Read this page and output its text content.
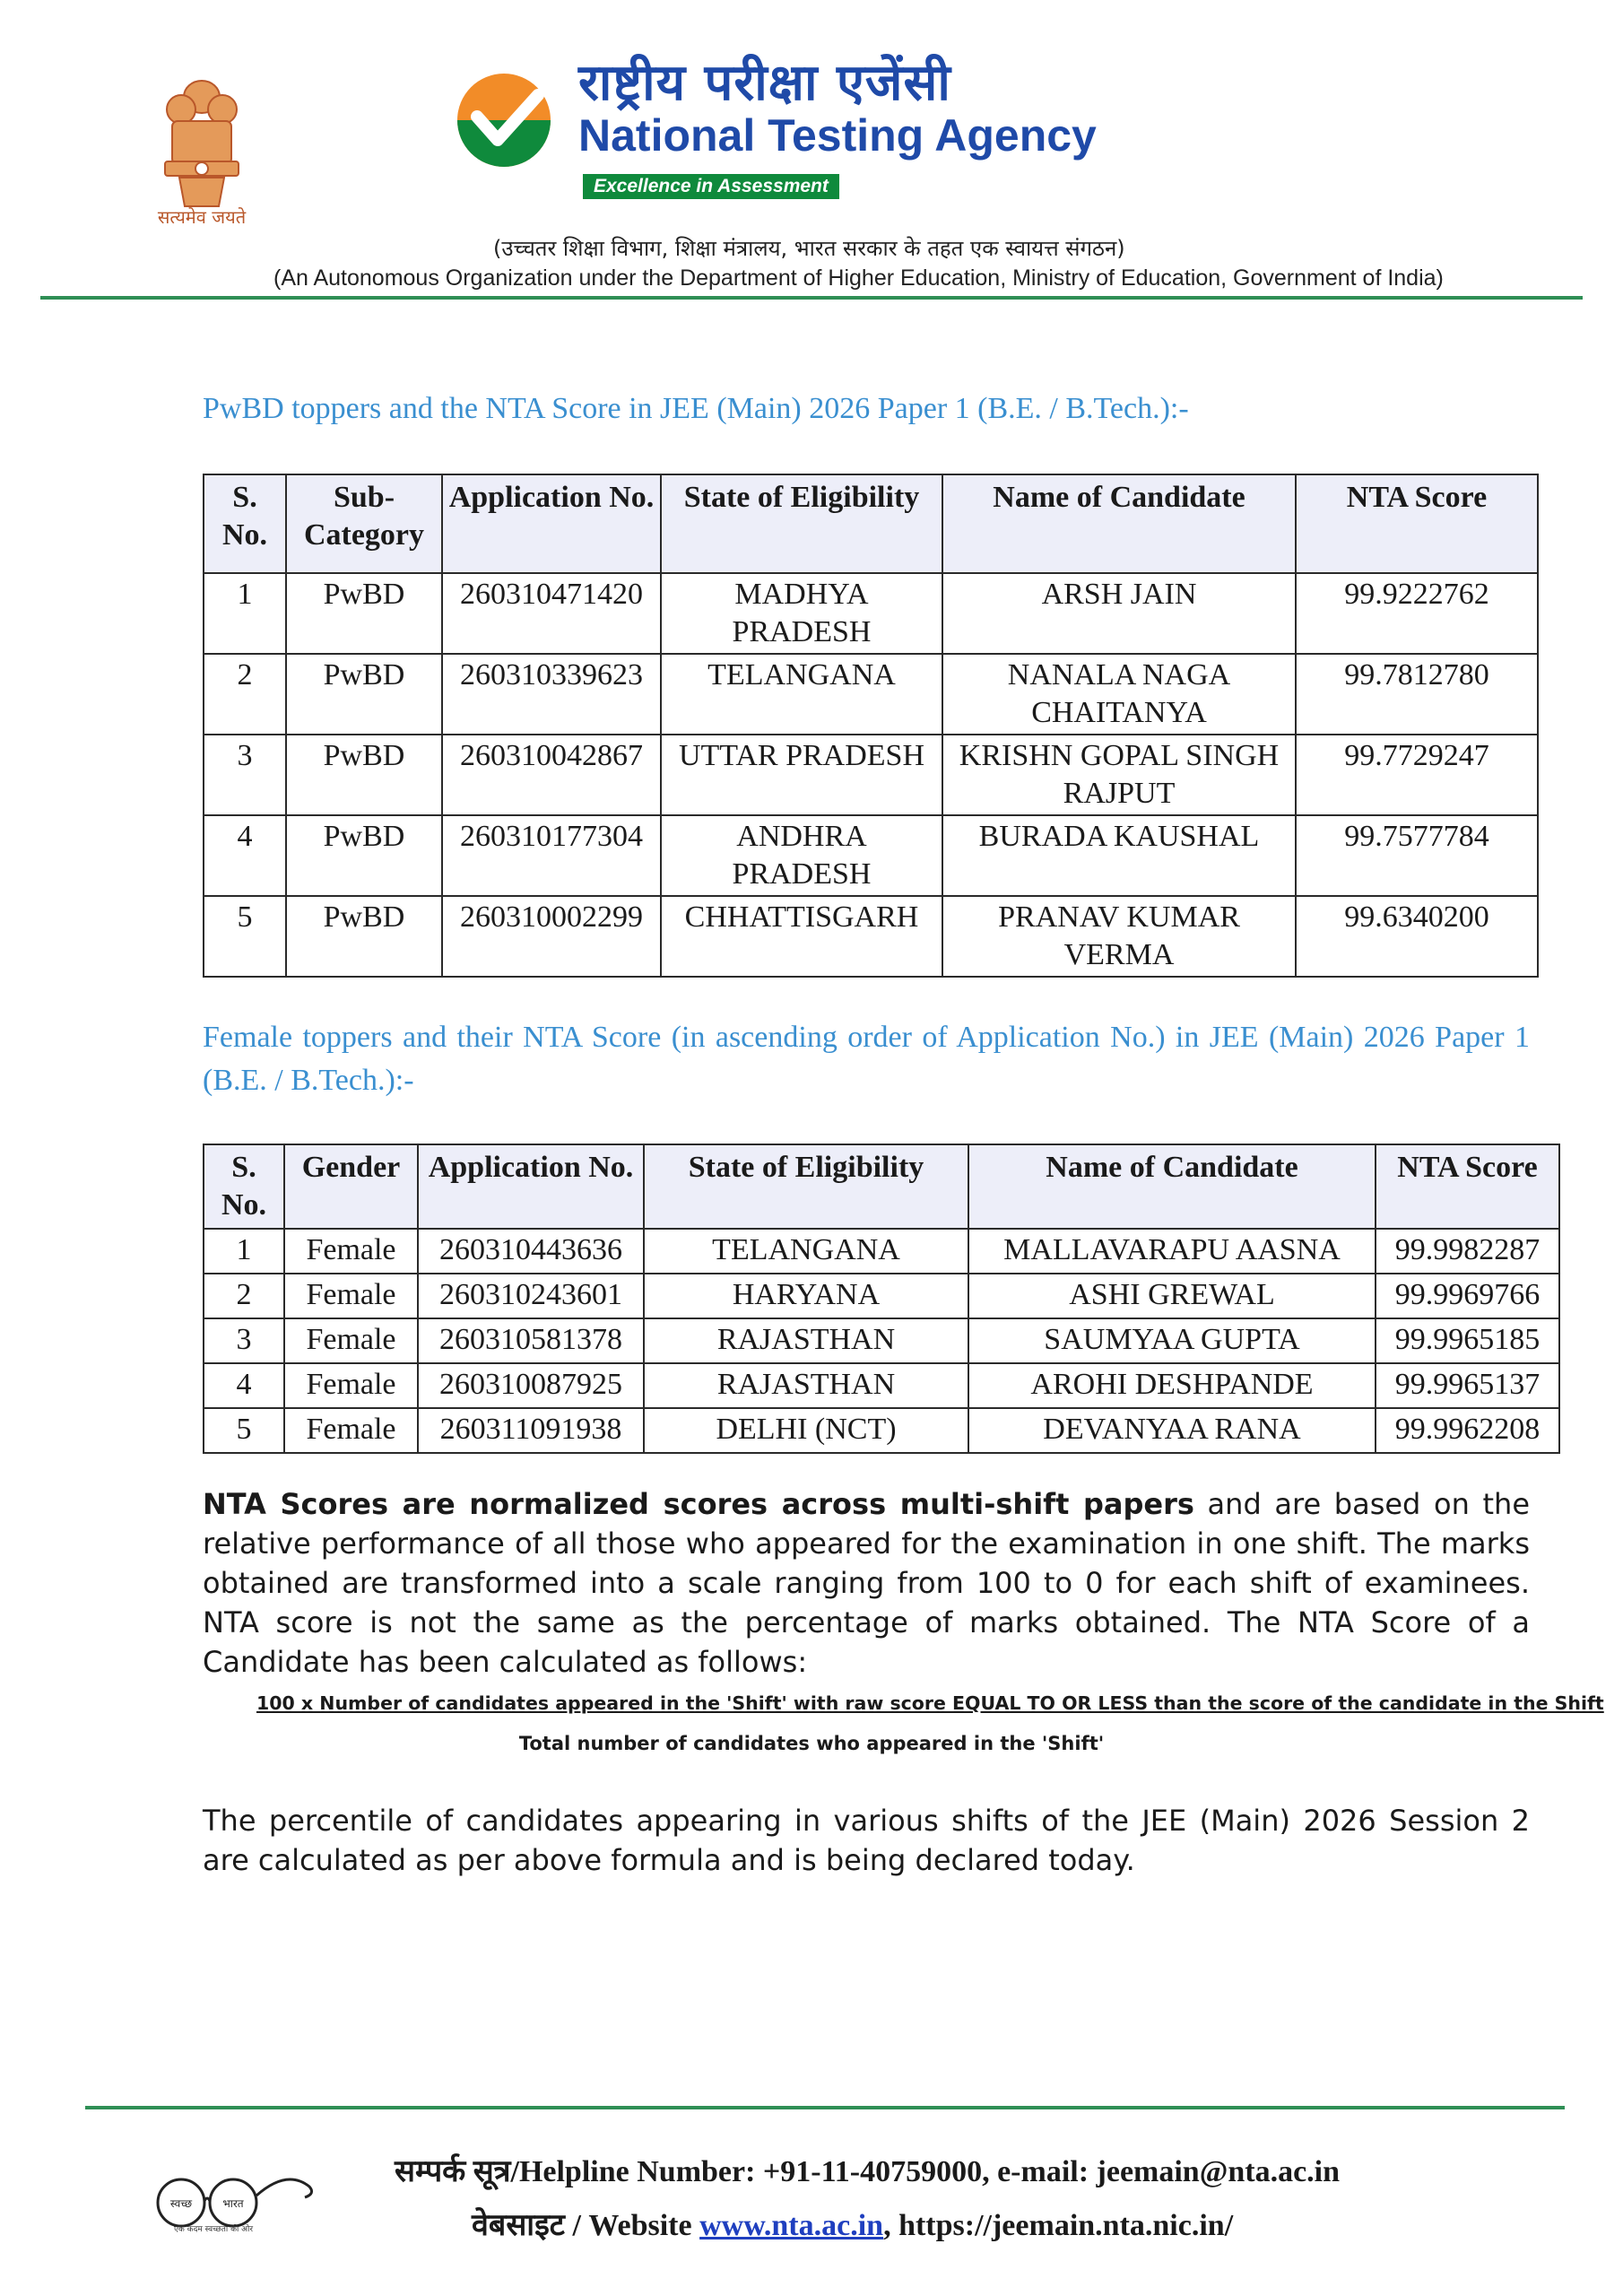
सत्यमेव जयते
राष्ट्रीय परीक्षा एजेंसी
National Testing Agency
Excellence in Assessment
(उच्चतर शिक्षा विभाग, शिक्षा मंत्रालय, भारत सरकार के तहत एक स्वायत्त संगठन)
(An Autonomous Organization under the Department of Higher Education, Ministry of Education, Government of India)
PwBD toppers and the NTA Score in JEE (Main) 2026 Paper 1 (B.E. / B.Tech.):-
S. No.	Sub-Category	Application No.	State of Eligibility	Name of Candidate	NTA Score
1	PwBD	260310471420	MADHYA PRADESH	ARSH JAIN	99.9222762
2	PwBD	260310339623	TELANGANA	NANALA NAGA CHAITANYA	99.7812780
3	PwBD	260310042867	UTTAR PRADESH	KRISHN GOPAL SINGH RAJPUT	99.7729247
4	PwBD	260310177304	ANDHRA PRADESH	BURADA KAUSHAL	99.7577784
5	PwBD	260310002299	CHHATTISGARH	PRANAV KUMAR VERMA	99.6340200
Female toppers and their NTA Score (in ascending order of Application No.) in JEE (Main) 2026 Paper 1 (B.E. / B.Tech.):-
S. No.	Gender	Application No.	State of Eligibility	Name of Candidate	NTA Score
1	Female	260310443636	TELANGANA	MALLAVARAPU AASNA	99.9982287
2	Female	260310243601	HARYANA	ASHI GREWAL	99.9969766
3	Female	260310581378	RAJASTHAN	SAUMYAA GUPTA	99.9965185
4	Female	260310087925	RAJASTHAN	AROHI DESHPANDE	99.9965137
5	Female	260311091938	DELHI (NCT)	DEVANYAA RANA	99.9962208
NTA Scores are normalized scores across multi-shift papers and are based on the relative performance of all those who appeared for the examination in one shift. The marks obtained are transformed into a scale ranging from 100 to 0 for each shift of examinees. NTA score is not the same as the percentage of marks obtained. The NTA Score of a Candidate has been calculated as follows:
100 x Number of candidates appeared in the 'Shift' with raw score EQUAL TO OR LESS than the score of the candidate in the Shift
Total number of candidates who appeared in the 'Shift'
The percentile of candidates appearing in various shifts of the JEE (Main) 2026 Session 2 are calculated as per above formula and is being declared today.
स्वच्छ	भारत
एक कदम स्वच्छता की ओर
सम्पर्क सूत्र/Helpline Number: +91-11-40759000, e-mail: jeemain@nta.ac.in
वेबसाइट / Website www.nta.ac.in, https://jeemain.nta.nic.in/
